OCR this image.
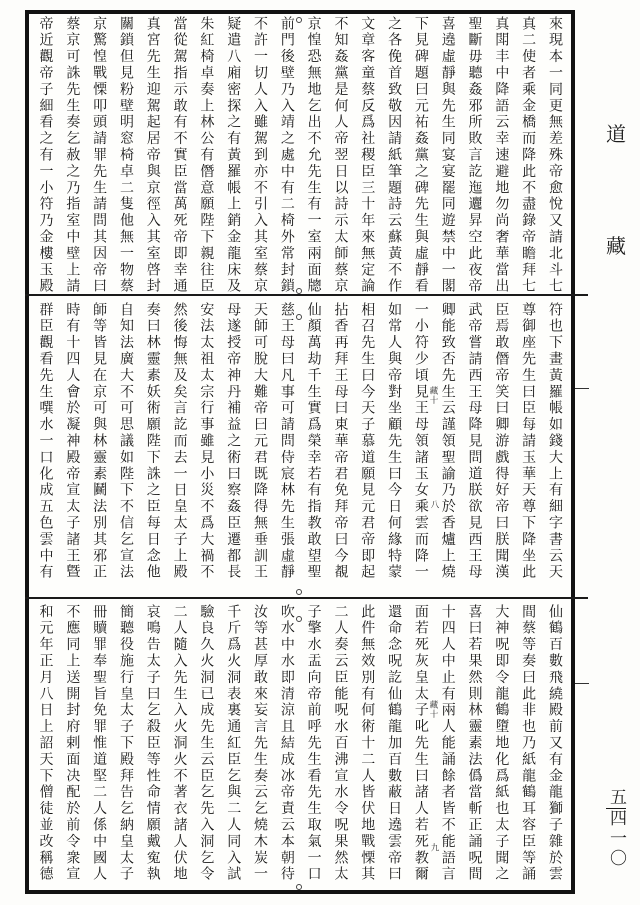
來現本一同更無差殊帝愈悅又請北斗七
真二使者乘金橋而降此不盡錄帝瞻拜七
真閗丰中降語云幸速避地勿尚奢華當出
聖斷毋聽姦邪所敗言訖迤邐昇空此夜帝
喜遶虛靜與先生同宴宴罷同遊禁中一閣
下見碑題曰元祐姦黨之碑先生與虛靜看
之各俛首致敬因請紙筆題詩云蘇黃不作
文章客童蔡反爲社稷臣三十年來無定論
不知姦黨是何人帝翌日以詩示太師蔡京
京惶恐無地乞出不允先生有一室兩面牕
前門後壁乃入靖之處中有二椅外常封鎖
不許一切人入雖駕到亦不引入其室蔡京
疑遣八廂密探之有黃羅帳上銷金龍床及
朱紅椅卓奏上林公有僭意願陛下親往臣
當從駕指示敢有不實臣當萬死帝即幸通
真宮先生迎駕起居帝與京徑入其室啓封
關鎖但見粉壁明窓椅卓二隻他無一物蔡
京驚惶戰慄叩頭請罪先生請問其因帝曰
蔡京可誅先生奏乞赦之乃指室中壁上請
帝近觀帝子細看之有一小符乃金樓玉殿
符也下畫黃羅帳如錢大上有細字書云天
尊御座先生曰臣每請玉華天尊下降坐此
臣焉敢僭帝笑曰卿游戲得好帝曰朕聞漢
武帝嘗請西王母降見問道朕欲見西王母
卿能致否先生云謹領聖諭乃於香爐上燒
一小符少頃見王母領諸玉女乘雲而降一
如常人與帝對坐顧先生曰今日何緣特蒙
相召先生曰今天子慕道願見元君帝即起
拈香再拜王母曰東華帝君免拜帝曰今覩
仙顏萬劫千生實爲榮幸若有指教敢望聖
慈王母曰凡事可請問侍宸林先生張虛靜
天師可脫大難帝曰元君既降得無垂訓王
母遂授帝神丹補益之術曰察姦臣遷都長
安法太祖太宗行事雖見小災不爲大禍不
然後悔無及矣言訖而去一日皇太子上殿
奏曰林靈素妖術願陛下誅之臣每日念他
自知法廣大不可思議如陛下不信乞宣法
師等皆見在京可與林靈素鬭法別其邪正
時有十四人會於凝神殿帝宣太子諸王曁
群臣觀看先生噀水一口化成五色雲中有
仙鶴百數飛繞殿前又有金龍獅子雜於雲
間蔡等奏曰此非也乃紙龍鶴耳容臣等誦
大神呪即令龍鶴墮地化爲紙也太子聞之
喜曰若果然則林靈素法僞當斬正誦呪間
十四人中止有兩人能誦餘者皆不能語言
面若死灰皇太子叱先生曰諸人若死教爾
還命念呪訖仙鶴龍加百數蔽日遶雲帝曰
此件無效別有何術十二人皆伏地戰慄其
二人奏云臣能呪水百沸宣水令呪果然太
子擎水盂向帝前呼先生看先生取氣一口
吹水中水即清涼且結成冰帝責云本朝待
汝等甚厚敢來妄言先生奏云乞燒木炭一
千斤爲火洞表裏通紅臣乞與二人同入試
驗良久火洞已成先生云臣乞先入洞乞令
二人隨入先生入火洞火不著衣諸人伏地
哀鳴告太子曰乞殺臣等性命情願戴寃執
簡聽役施行皇太子下殿拜告乞納皇太子
冊贖罪奉聖旨免罪惟道堅二人係中國人
不應同上送開封府剌面决配於前令衆宣
和元年正月八日上詔天下僧徒並改稱德
道
藏
五四一〇
藏十
八
藏十
九
